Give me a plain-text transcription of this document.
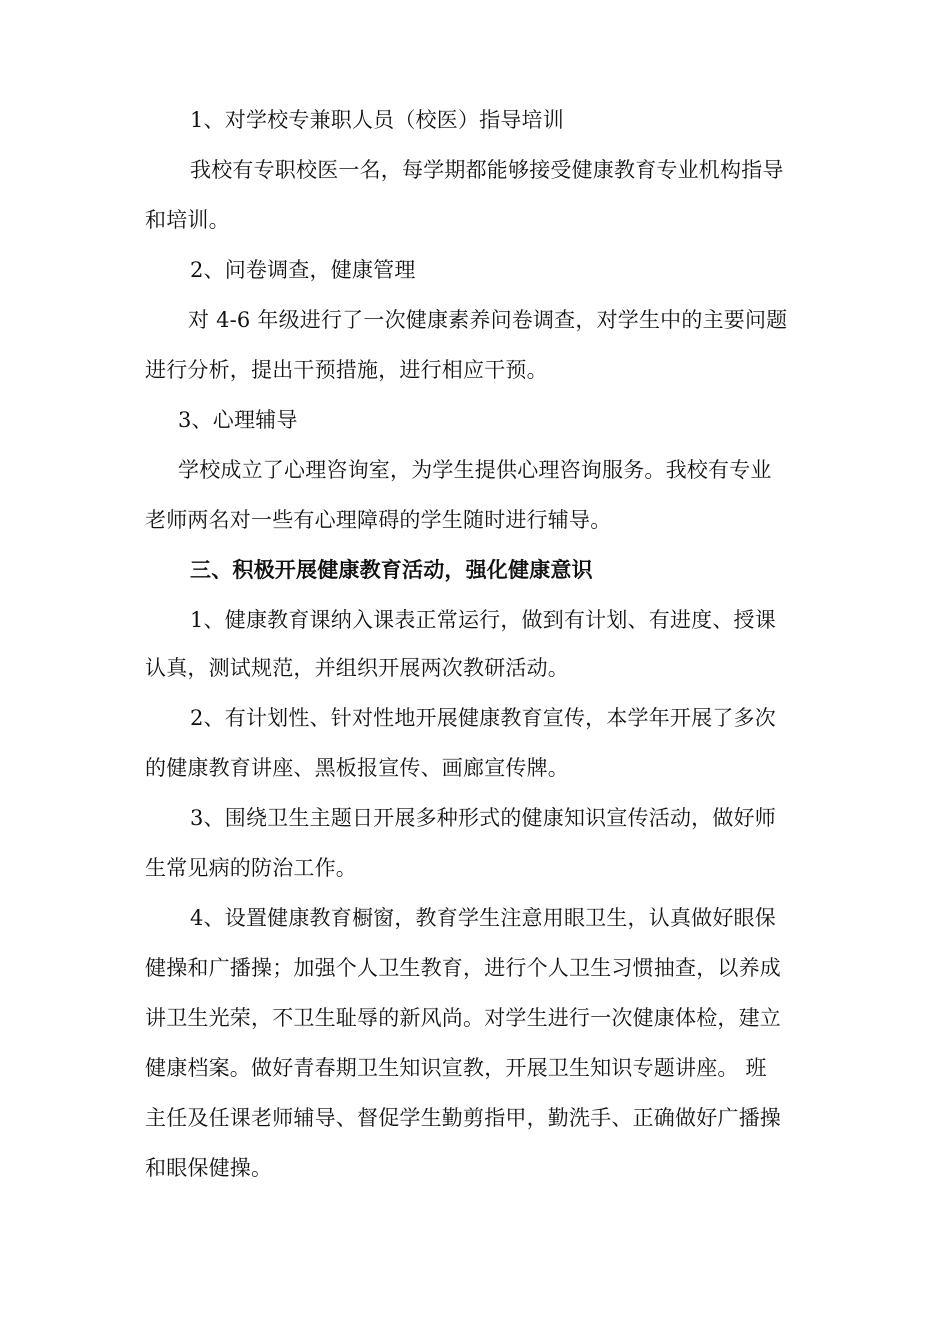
1、对学校专兼职人员（校医）指导培训
我校有专职校医一名，每学期都能够接受健康教育专业机构指导
和培训。
2、问卷调查，健康管理
对 4-6 年级进行了一次健康素养问卷调查，对学生中的主要问题
进行分析，提出干预措施，进行相应干预。
3、心理辅导
学校成立了心理咨询室，为学生提供心理咨询服务。我校有专业
老师两名对一些有心理障碍的学生随时进行辅导。
三、积极开展健康教育活动，强化健康意识
1、健康教育课纳入课表正常运行，做到有计划、有进度、授课
认真，测试规范，并组织开展两次教研活动。
2、有计划性、针对性地开展健康教育宣传，本学年开展了多次
的健康教育讲座、黑板报宣传、画廊宣传牌。
3、围绕卫生主题日开展多种形式的健康知识宣传活动，做好师
生常见病的防治工作。
4、设置健康教育橱窗，教育学生注意用眼卫生，认真做好眼保
健操和广播操；加强个人卫生教育，进行个人卫生习惯抽查，以养成
讲卫生光荣，不卫生耻辱的新风尚。对学生进行一次健康体检，建立
健康档案。做好青春期卫生知识宣教，开展卫生知识专题讲座。 班
主任及任课老师辅导、督促学生勤剪指甲，勤洗手、正确做好广播操
和眼保健操。
